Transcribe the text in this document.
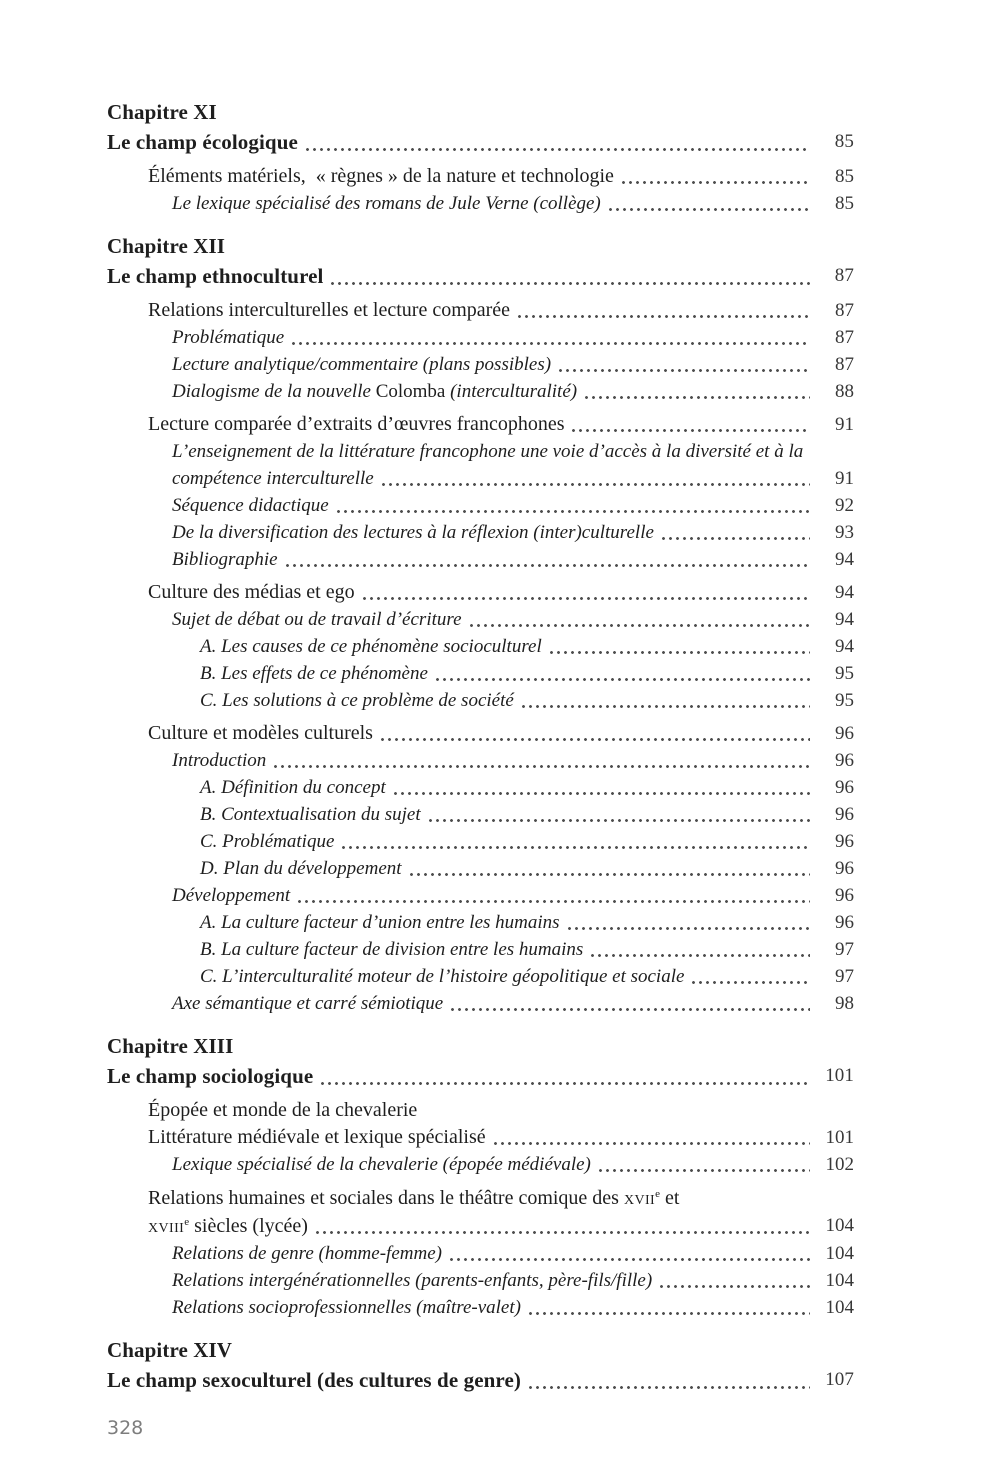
Chapitre XI
Le champ écologique	85
Éléments matériels, « règnes » de la nature et technologie	85
Le lexique spécialisé des romans de Jule Verne (collège)	85
Chapitre XII
Le champ ethnoculturel	87
Relations interculturelles et lecture comparée	87
Problématique	87
Lecture analytique/commentaire (plans possibles)	87
Dialogisme de la nouvelle Colomba (interculturalité)	88
Lecture comparée d’extraits d’œuvres francophones	91
L’enseignement de la littérature francophone une voie d’accès à la diversité et à la
compétence interculturelle	91
Séquence didactique	92
De la diversification des lectures à la réflexion (inter)culturelle	93
Bibliographie	94
Culture des médias et ego	94
Sujet de débat ou de travail d’écriture	94
A. Les causes de ce phénomène socioculturel	94
B. Les effets de ce phénomène	95
C. Les solutions à ce problème de société	95
Culture et modèles culturels	96
Introduction	96
A. Définition du concept	96
B. Contextualisation du sujet	96
C. Problématique	96
D. Plan du développement	96
Développement	96
A. La culture facteur d’union entre les humains	96
B. La culture facteur de division entre les humains	97
C. L’interculturalité moteur de l’histoire géopolitique et sociale	97
Axe sémantique et carré sémiotique	98
Chapitre XIII
Le champ sociologique	101
Épopée et monde de la chevalerie
Littérature médiévale et lexique spécialisé	101
Lexique spécialisé de la chevalerie (épopée médiévale)	102
Relations humaines et sociales dans le théâtre comique des xvii$^e$ et
xviii$^e$ siècles (lycée)	104
Relations de genre (homme-femme)	104
Relations intergénérationnelles (parents-enfants, père-fils/fille)	104
Relations socioprofessionnelles (maître-valet)	104
Chapitre XIV
Le champ sexoculturel (des cultures de genre)	107
328
